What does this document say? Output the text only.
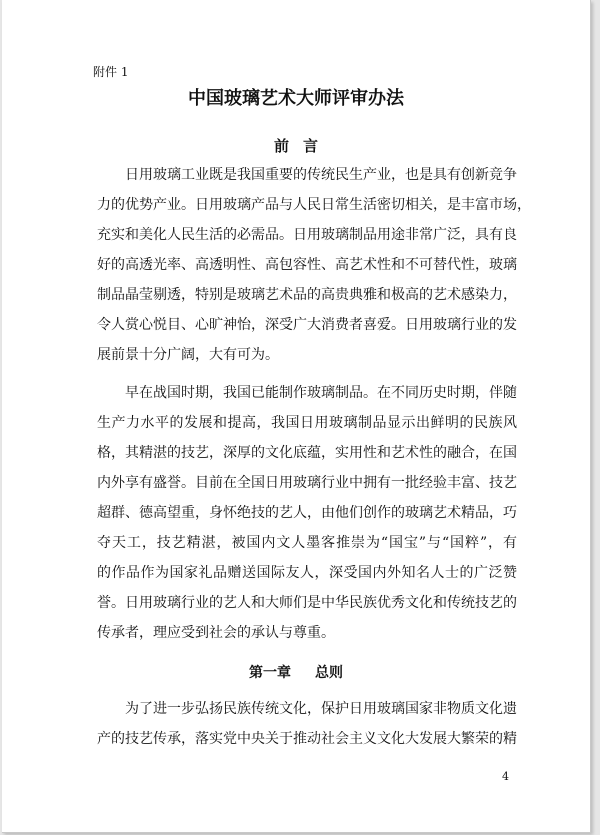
附件 1
中国玻璃艺术大师评审办法
前言
日用玻璃工业既是我国重要的传统民生产业，也是具有创新竞争
力的优势产业。日用玻璃产品与人民日常生活密切相关，是丰富市场，
充实和美化人民生活的必需品。日用玻璃制品用途非常广泛，具有良
好的高透光率、高透明性、高包容性、高艺术性和不可替代性，玻璃
制品晶莹剔透，特别是玻璃艺术品的高贵典雅和极高的艺术感染力，
令人赏心悦目、心旷神怡，深受广大消费者喜爱。日用玻璃行业的发
展前景十分广阔，大有可为。
早在战国时期，我国已能制作玻璃制品。在不同历史时期，伴随
生产力水平的发展和提高，我国日用玻璃制品显示出鲜明的民族风
格，其精湛的技艺，深厚的文化底蕴，实用性和艺术性的融合，在国
内外享有盛誉。目前在全国日用玻璃行业中拥有一批经验丰富、技艺
超群、德高望重，身怀绝技的艺人，由他们创作的玻璃艺术精品，巧
夺天工，技艺精湛，被国内文人墨客推崇为“国宝”与“国粹”，有
的作品作为国家礼品赠送国际友人，深受国内外知名人士的广泛赞
誉。日用玻璃行业的艺人和大师们是中华民族优秀文化和传统技艺的
传承者，理应受到社会的承认与尊重。
第一章 总则
为了进一步弘扬民族传统文化，保护日用玻璃国家非物质文化遗
产的技艺传承，落实党中央关于推动社会主义文化大发展大繁荣的精
4
